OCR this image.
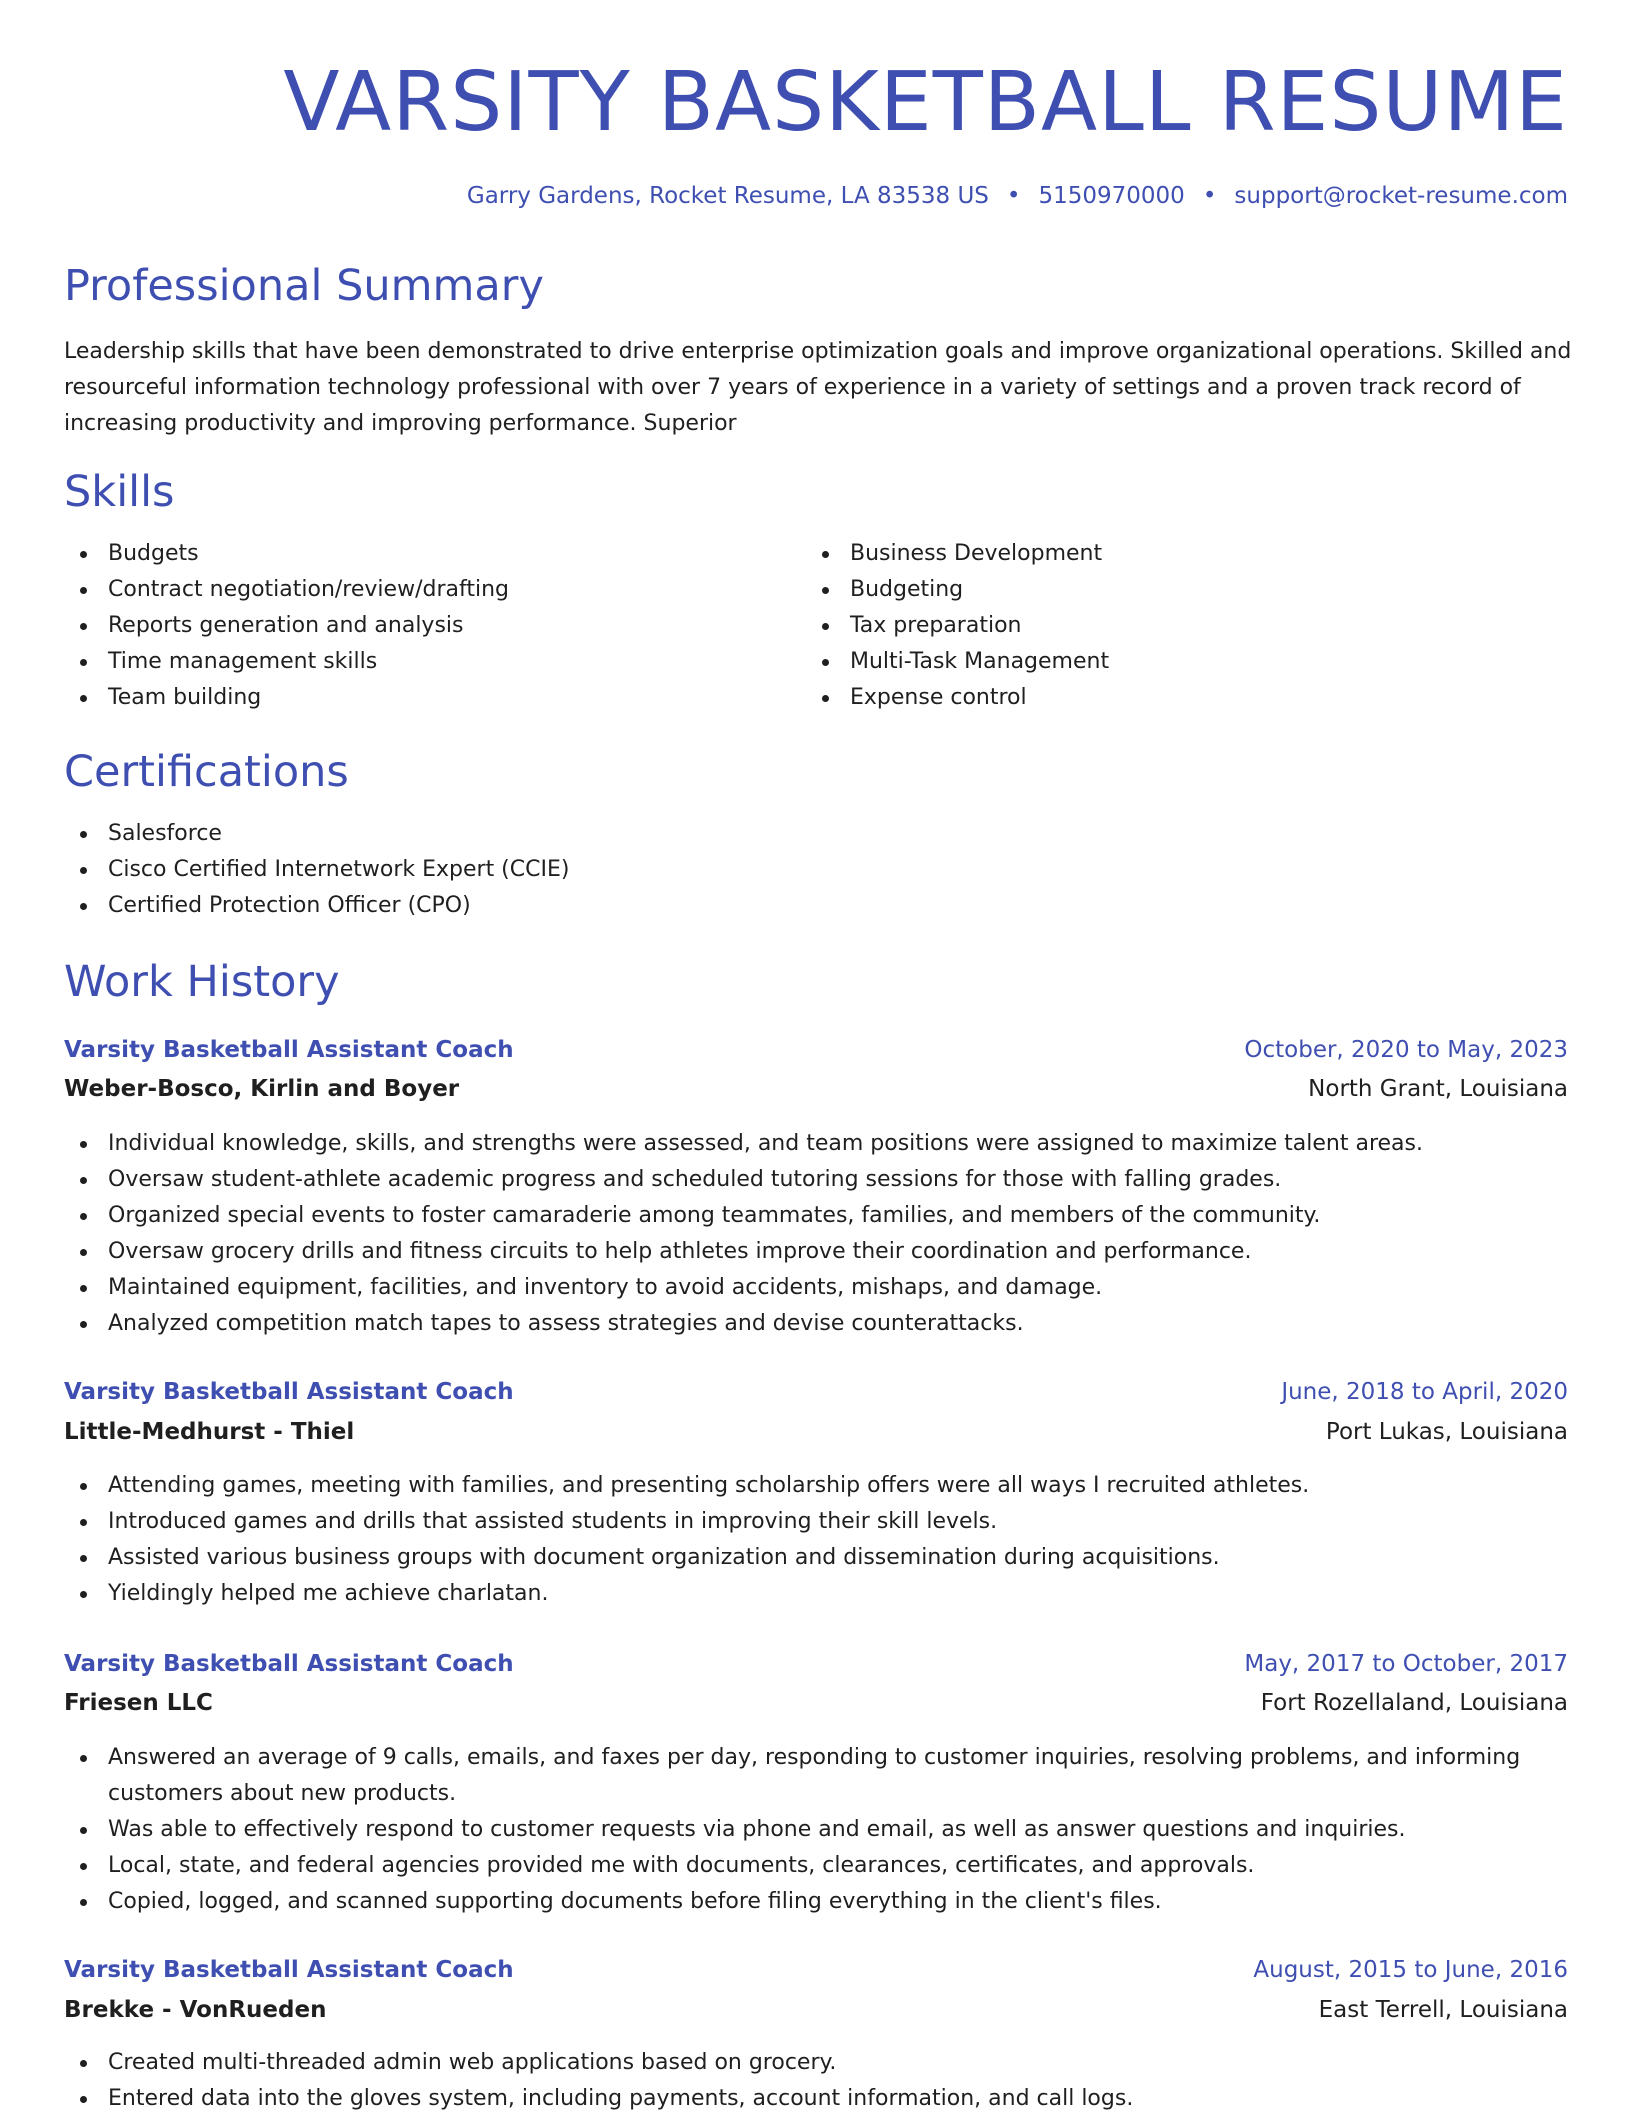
VARSITY BASKETBALL RESUME
Garry Gardens, Rocket Resume, LA 83538 US • 5150970000 • support@rocket-resume.com
Professional Summary

Leadership skills that have been demonstrated to drive enterprise optimization goals and improve organizational operations. Skilled and resourceful information technology professional with over 7 years of experience in a variety of settings and a proven track record of increasing productivity and improving performance. Superior

Skills
Budgets
Contract negotiation/review/drafting
Reports generation and analysis
Time management skills
Team building
Business Development
Budgeting
Tax preparation
Multi-Task Management
Expense control
Certifications
Salesforce
Cisco Certified Internetwork Expert (CCIE)
Certified Protection Officer (CPO)
Work History
Varsity Basketball Assistant Coach	October, 2020 to May, 2023
Weber-Bosco, Kirlin and Boyer	North Grant, Louisiana
Individual knowledge, skills, and strengths were assessed, and team positions were assigned to maximize talent areas.
Oversaw student-athlete academic progress and scheduled tutoring sessions for those with falling grades.
Organized special events to foster camaraderie among teammates, families, and members of the community.
Oversaw grocery drills and fitness circuits to help athletes improve their coordination and performance.
Maintained equipment, facilities, and inventory to avoid accidents, mishaps, and damage.
Analyzed competition match tapes to assess strategies and devise counterattacks.
Varsity Basketball Assistant Coach	June, 2018 to April, 2020
Little-Medhurst - Thiel	Port Lukas, Louisiana
Attending games, meeting with families, and presenting scholarship offers were all ways I recruited athletes.
Introduced games and drills that assisted students in improving their skill levels.
Assisted various business groups with document organization and dissemination during acquisitions.
Yieldingly helped me achieve charlatan.
Varsity Basketball Assistant Coach	May, 2017 to October, 2017
Friesen LLC	Fort Rozellaland, Louisiana
Answered an average of 9 calls, emails, and faxes per day, responding to customer inquiries, resolving problems, and informing customers about new products.
Was able to effectively respond to customer requests via phone and email, as well as answer questions and inquiries.
Local, state, and federal agencies provided me with documents, clearances, certificates, and approvals.
Copied, logged, and scanned supporting documents before filing everything in the client's files.
Varsity Basketball Assistant Coach	August, 2015 to June, 2016
Brekke - VonRueden	East Terrell, Louisiana
Created multi-threaded admin web applications based on grocery.
Entered data into the gloves system, including payments, account information, and call logs.
